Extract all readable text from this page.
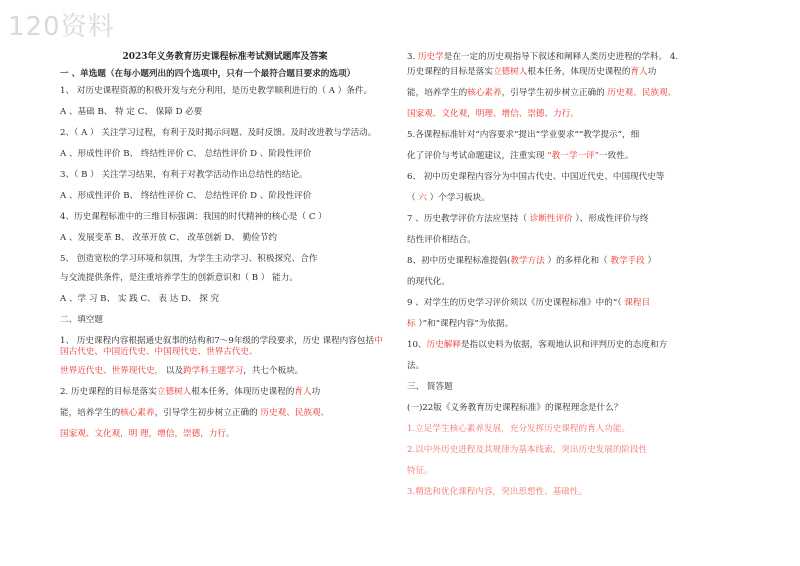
120资料
2023年义务教育历史课程标准考试测试题库及答案
一 、单选题（在每小题列出的四个选项中，只有一个最符合题目要求的选项）
1、 对历史课程资源的积极开发与充分利用，是历史教学顺利进行的（ A ）条件。
A 、基础 B、 特 定 C、 保障 D 必要
2、（ A ） 关注学习过程，有利于及时揭示问题、及时反馈、及时改进教与学活动。
A 、形成性评价 B、 终结性评价 C、 总结性评价 D 、阶段性评价
3、（ B ） 关注学习结果，有利于对教学活动作出总结性的结论。
A 、形成性评价 B、 终结性评价 C、 总结性评价 D 、阶段性评价
4、历史课程标准中的三维目标强调：我国的时代精神的核心是（ C ）
A 、发展变革 B、 改革开放 C、 改革创新 D、 勤俭节约
5、 创造宽松的学习环境和氛围，为学生主动学习、积极探究、合作
与交流提供条件，是注重培养学生的创新意识和（ B ） 能力。
A 、学 习 B、 实 践 C、 表 达 D、 探 究
二、填空题
1、 历史课程内容根据通史叙事的结构和7～9年级的学段要求，历史 课程内容包括中国古代史、中国近代史、中国现代史、世界古代史、
世界近代史、世界现代史， 以及跨学科主题学习，共七个板块。
2. 历史课程的目标是落实立德树人根本任务，体现历史课程的育人功
能，培养学生的核心素养，引导学生初步树立正确的 历史观、民族观、
国家观、文化观，明 理，增信，崇德，力行。
3. 历史学是在一定的历史观指导下叙述和阐释人类历史进程的学科。 4.
历史课程的目标是落实立德树人根本任务，体现历史课程的育人功
能，培养学生的核心素养，引导学生初步树立正确的 历史观、民族观、
国家观、文化观，明理、增信、崇德、力行。
5.各课程标准针对“内容要求”提出“学业要求”“教学提示”，细
化了评价与考试命题建议，注重实现 “教一学一评”一致性。
6、 初中历史课程内容分为中国古代史、中国近代史、中国现代史等
（ 六 ）个学习板块。
7 、历史教学评价方法应坚持（ 诊断性评价 ）、形成性评价与终
结性评价相结合。
8、初中历史课程标准提倡(教学方法 ）的多样化和（ 教学手段 ）
的现代化。
9 、对学生的历史学习评价须以《历史课程标准》中的“（ 课程目
标 ）”和“课程内容”为依据。
10、历史解释是指以史料为依据，客观地认识和评判历史的态度和方
法。
三、 简答题
(一)22版《义务教育历史课程标准》的课程理念是什么？
1.立足学生核心素养发展，充分发挥历史课程的育人功能。
2.以中外历史进程及其规律为基本线索，突出历史发展的阶段性
特征。
3.精选和优化课程内容，突出思想性、基础性。
